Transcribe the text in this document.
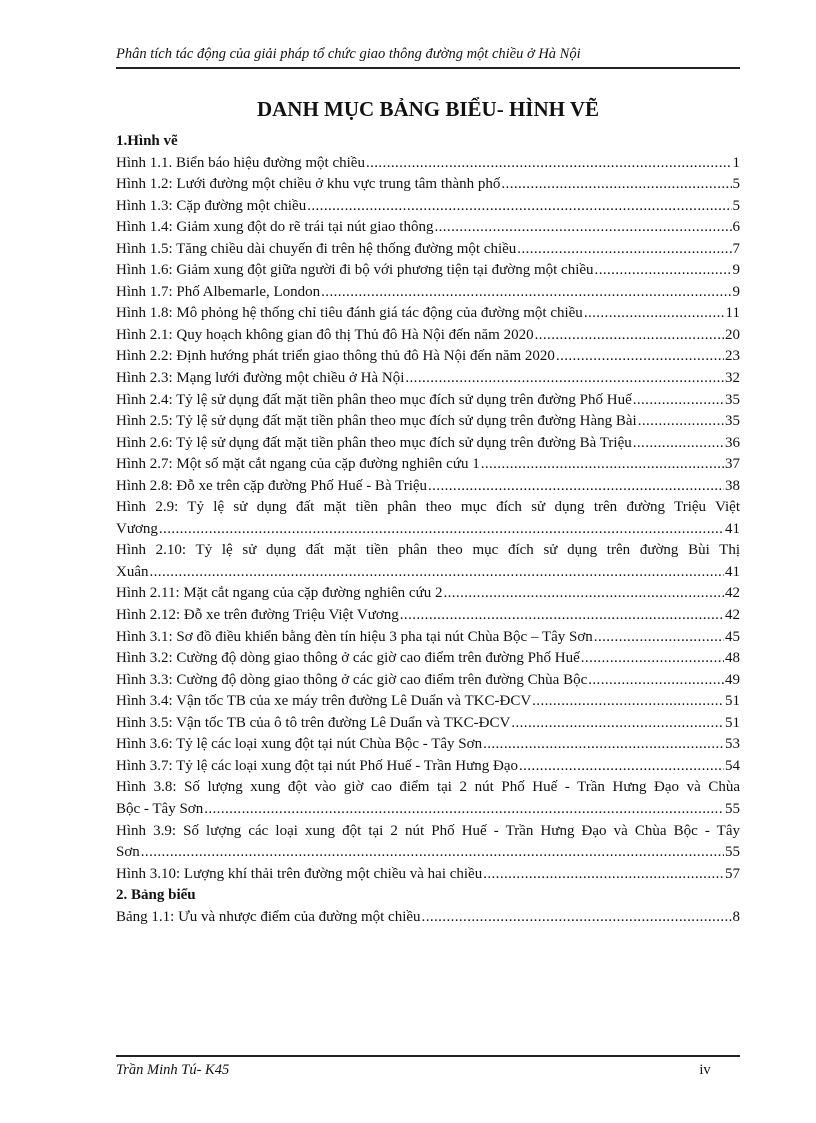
Phân tích tác động của giải pháp tổ chức giao thông đường một chiều ở Hà Nội
DANH MỤC BẢNG BIỂU- HÌNH VẼ
1.Hình vẽ
Hình 1.1. Biển báo hiệu đường một chiều .....	1
Hình 1.2: Lưới đường một chiều ở khu vực trung tâm thành phố .....	5
Hình 1.3: Cặp đường một chiều .....	5
Hình 1.4: Giảm xung đột do rẽ trái tại nút giao thông .....	6
Hình 1.5: Tăng chiều dài chuyến đi trên hệ thống đường một chiều .....	7
Hình 1.6: Giảm xung đột giữa người đi bộ với phương tiện tại đường một chiều .....	9
Hình 1.7: Phố Albemarle, London .....	9
Hình 1.8: Mô phỏng hệ thống chỉ tiêu đánh giá tác động của đường một chiều .....	11
Hình 2.1: Quy hoạch không gian đô thị Thủ đô Hà Nội đến năm 2020 .....	20
Hình 2.2: Định hướng phát triển giao thông thủ đô Hà Nội đến năm 2020 .....	23
Hình 2.3: Mạng lưới đường một chiều ở Hà Nội .....	32
Hình 2.4: Tỷ lệ sử dụng đất mặt tiền phân theo mục đích sử dụng trên đường Phố Huế .....	35
Hình 2.5: Tỷ lệ sử dụng đất mặt tiền phân theo mục đích sử dụng trên đường Hàng Bài .....	35
Hình 2.6: Tỷ lệ sử dụng đất mặt tiền phân theo mục đích sử dụng trên đường Bà Triệu .....	36
Hình 2.7: Một số mặt cắt ngang của cặp đường nghiên cứu 1 .....	37
Hình 2.8: Đỗ xe trên cặp đường Phố Huế - Bà Triệu .....	38
Hình 2.9: Tỷ lệ sử dụng đất mặt tiền phân theo mục đích sử dụng trên đường Triệu Việt
Vương .....	41
Hình 2.10: Tỷ lệ sử dụng đất mặt tiền phân theo mục đích sử dụng trên đường Bùi Thị
Xuân .....	41
Hình 2.11: Mặt cắt ngang của cặp đường nghiên cứu 2 .....	42
Hình 2.12: Đỗ xe trên đường Triệu Việt Vương .....	42
Hình 3.1: Sơ đồ điều khiển bằng đèn tín hiệu 3 pha tại nút Chùa Bộc – Tây Sơn .....	45
Hình 3.2: Cường độ dòng giao thông ở các giờ cao điểm trên đường Phố Huế .....	48
Hình 3.3: Cường độ dòng giao thông ở các giờ cao điểm trên đường Chùa Bộc .....	49
Hình 3.4: Vận tốc TB của xe máy trên đường Lê Duẩn và TKC-ĐCV .....	51
Hình 3.5: Vận tốc TB của ô tô trên đường Lê Duẩn và TKC-ĐCV .....	51
Hình 3.6: Tỷ lệ các loại xung đột tại nút Chùa Bộc - Tây Sơn .....	53
Hình 3.7: Tỷ lệ các loại xung đột tại nút Phố Huế - Trần Hưng Đạo .....	54
Hình 3.8: Số lượng xung đột vào giờ cao điểm tại 2 nút Phố Huế - Trần Hưng Đạo và Chùa
Bộc - Tây Sơn .....	55
Hình 3.9: Số lượng các loại xung đột tại 2 nút Phố Huế - Trần Hưng Đạo và Chùa Bộc - Tây
Sơn .....	55
Hình 3.10: Lượng khí thải trên đường một chiều và hai chiều .....	57
2. Bảng biểu
Bảng 1.1: Ưu và nhược điểm của đường một chiều .....	8
Trần Minh Tú- K45	iv
